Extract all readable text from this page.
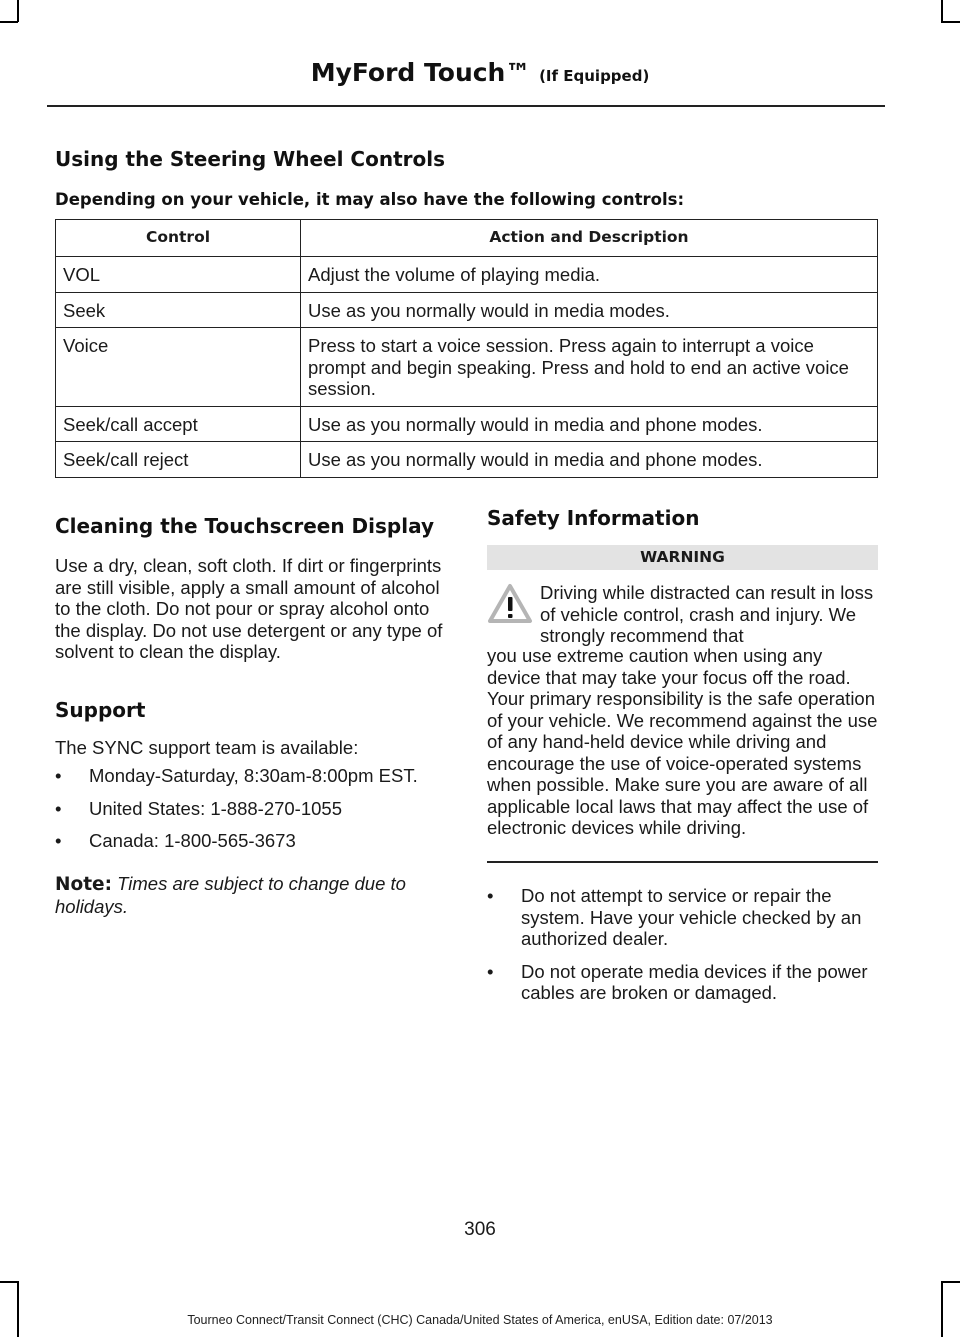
MyFord Touch™ (If Equipped)
Using the Steering Wheel Controls
Depending on your vehicle, it may also have the following controls:
Control	Action and Description
VOL	Adjust the volume of playing media.
Seek	Use as you normally would in media modes.
Voice	Press to start a voice session. Press again to interrupt a voice prompt and begin speaking. Press and hold to end an active voice session.
Seek/call accept	Use as you normally would in media and phone modes.
Seek/call reject	Use as you normally would in media and phone modes.
Cleaning the Touchscreen Display
Use a dry, clean, soft cloth. If dirt or fingerprints are still visible, apply a small amount of alcohol to the cloth. Do not pour or spray alcohol onto the display. Do not use detergent or any type of solvent to clean the display.
Support
The SYNC support team is available:
• Monday-Saturday, 8:30am-8:00pm EST.
• United States: 1-888-270-1055
• Canada: 1-800-565-3673
Note: Times are subject to change due to holidays.
Safety Information
WARNING
Driving while distracted can result in loss of vehicle control, crash and injury. We strongly recommend that
you use extreme caution when using any device that may take your focus off the road. Your primary responsibility is the safe operation of your vehicle. We recommend against the use of any hand-held device while driving and encourage the use of voice-operated systems when possible. Make sure you are aware of all applicable local laws that may affect the use of electronic devices while driving.
• Do not attempt to service or repair the system. Have your vehicle checked by an authorized dealer.
• Do not operate media devices if the power cables are broken or damaged.
306
Tourneo Connect/Transit Connect (CHC) Canada/United States of America, enUSA, Edition date: 07/2013
